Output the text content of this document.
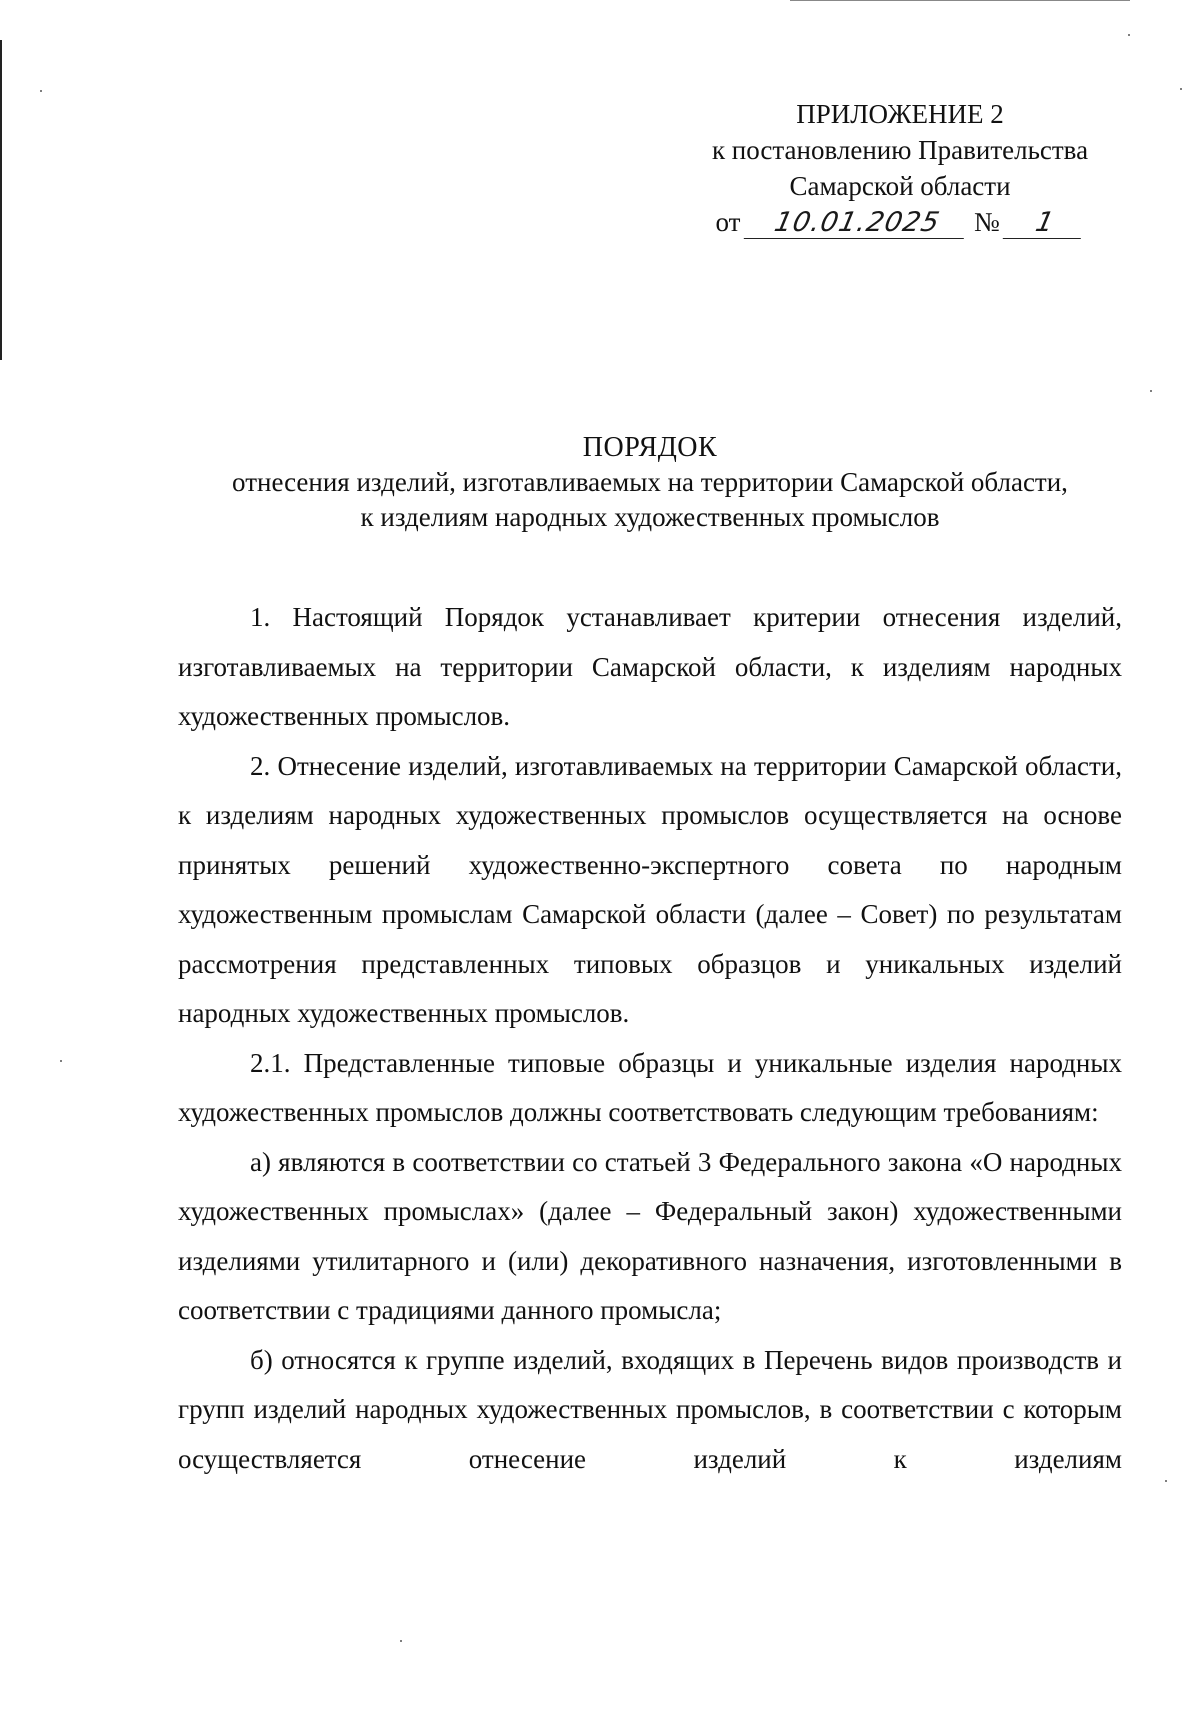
ПРИЛОЖЕНИЕ 2
к постановлению Правительства
Самарской области
от 10.01.2025 № 1
ПОРЯДОК
отнесения изделий, изготавливаемых на территории Самарской области,
к изделиям народных художественных промыслов

1. Настоящий Порядок устанавливает критерии отнесения изделий, изготавливаемых на территории Самарской области, к изделиям народных художественных промыслов.

2. Отнесение изделий, изготавливаемых на территории Самарской области, к изделиям народных художественных промыслов осуществляется на основе принятых решений художественно-экспертного совета по народным художественным промыслам Самарской области (далее – Совет) по результатам рассмотрения представленных типовых образцов и уникальных изделий народных художественных промыслов.

2.1. Представленные типовые образцы и уникальные изделия народных художественных промыслов должны соответствовать следующим требованиям:

а) являются в соответствии со статьей 3 Федерального закона «О народных художественных промыслах» (далее – Федеральный закон) художественными изделиями утилитарного и (или) декоративного назначения, изготовленными в соответствии с традициями данного промысла;

б) относятся к группе изделий, входящих в Перечень видов производств и групп изделий народных художественных промыслов, в соответствии с которым осуществляется отнесение изделий к изделиям
